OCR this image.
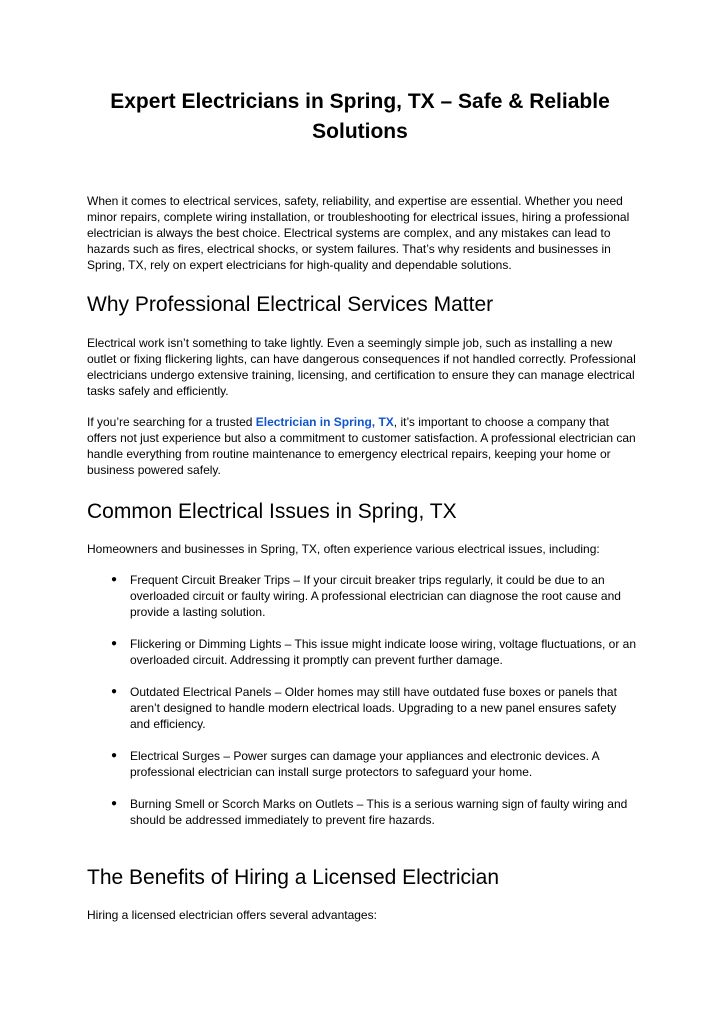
Expert Electricians in Spring, TX – Safe & Reliable Solutions

When it comes to electrical services, safety, reliability, and expertise are essential. Whether you need minor repairs, complete wiring installation, or troubleshooting for electrical issues, hiring a professional electrician is always the best choice. Electrical systems are complex, and any mistakes can lead to hazards such as fires, electrical shocks, or system failures. That’s why residents and businesses in Spring, TX, rely on expert electricians for high-quality and dependable solutions.

Why Professional Electrical Services Matter

Electrical work isn’t something to take lightly. Even a seemingly simple job, such as installing a new outlet or fixing flickering lights, can have dangerous consequences if not handled correctly. Professional electricians undergo extensive training, licensing, and certification to ensure they can manage electrical tasks safely and efficiently.

If you’re searching for a trusted Electrician in Spring, TX, it’s important to choose a company that offers not just experience but also a commitment to customer satisfaction. A professional electrician can handle everything from routine maintenance to emergency electrical repairs, keeping your home or business powered safely.

Common Electrical Issues in Spring, TX

Homeowners and businesses in Spring, TX, often experience various electrical issues, including:

●	Frequent Circuit Breaker Trips – If your circuit breaker trips regularly, it could be due to an overloaded circuit or faulty wiring. A professional electrician can diagnose the root cause and provide a lasting solution.
●	Flickering or Dimming Lights – This issue might indicate loose wiring, voltage fluctuations, or an overloaded circuit. Addressing it promptly can prevent further damage.
●	Outdated Electrical Panels – Older homes may still have outdated fuse boxes or panels that aren’t designed to handle modern electrical loads. Upgrading to a new panel ensures safety and efficiency.
●	Electrical Surges – Power surges can damage your appliances and electronic devices. A professional electrician can install surge protectors to safeguard your home.
●	Burning Smell or Scorch Marks on Outlets – This is a serious warning sign of faulty wiring and should be addressed immediately to prevent fire hazards.
The Benefits of Hiring a Licensed Electrician

Hiring a licensed electrician offers several advantages:
